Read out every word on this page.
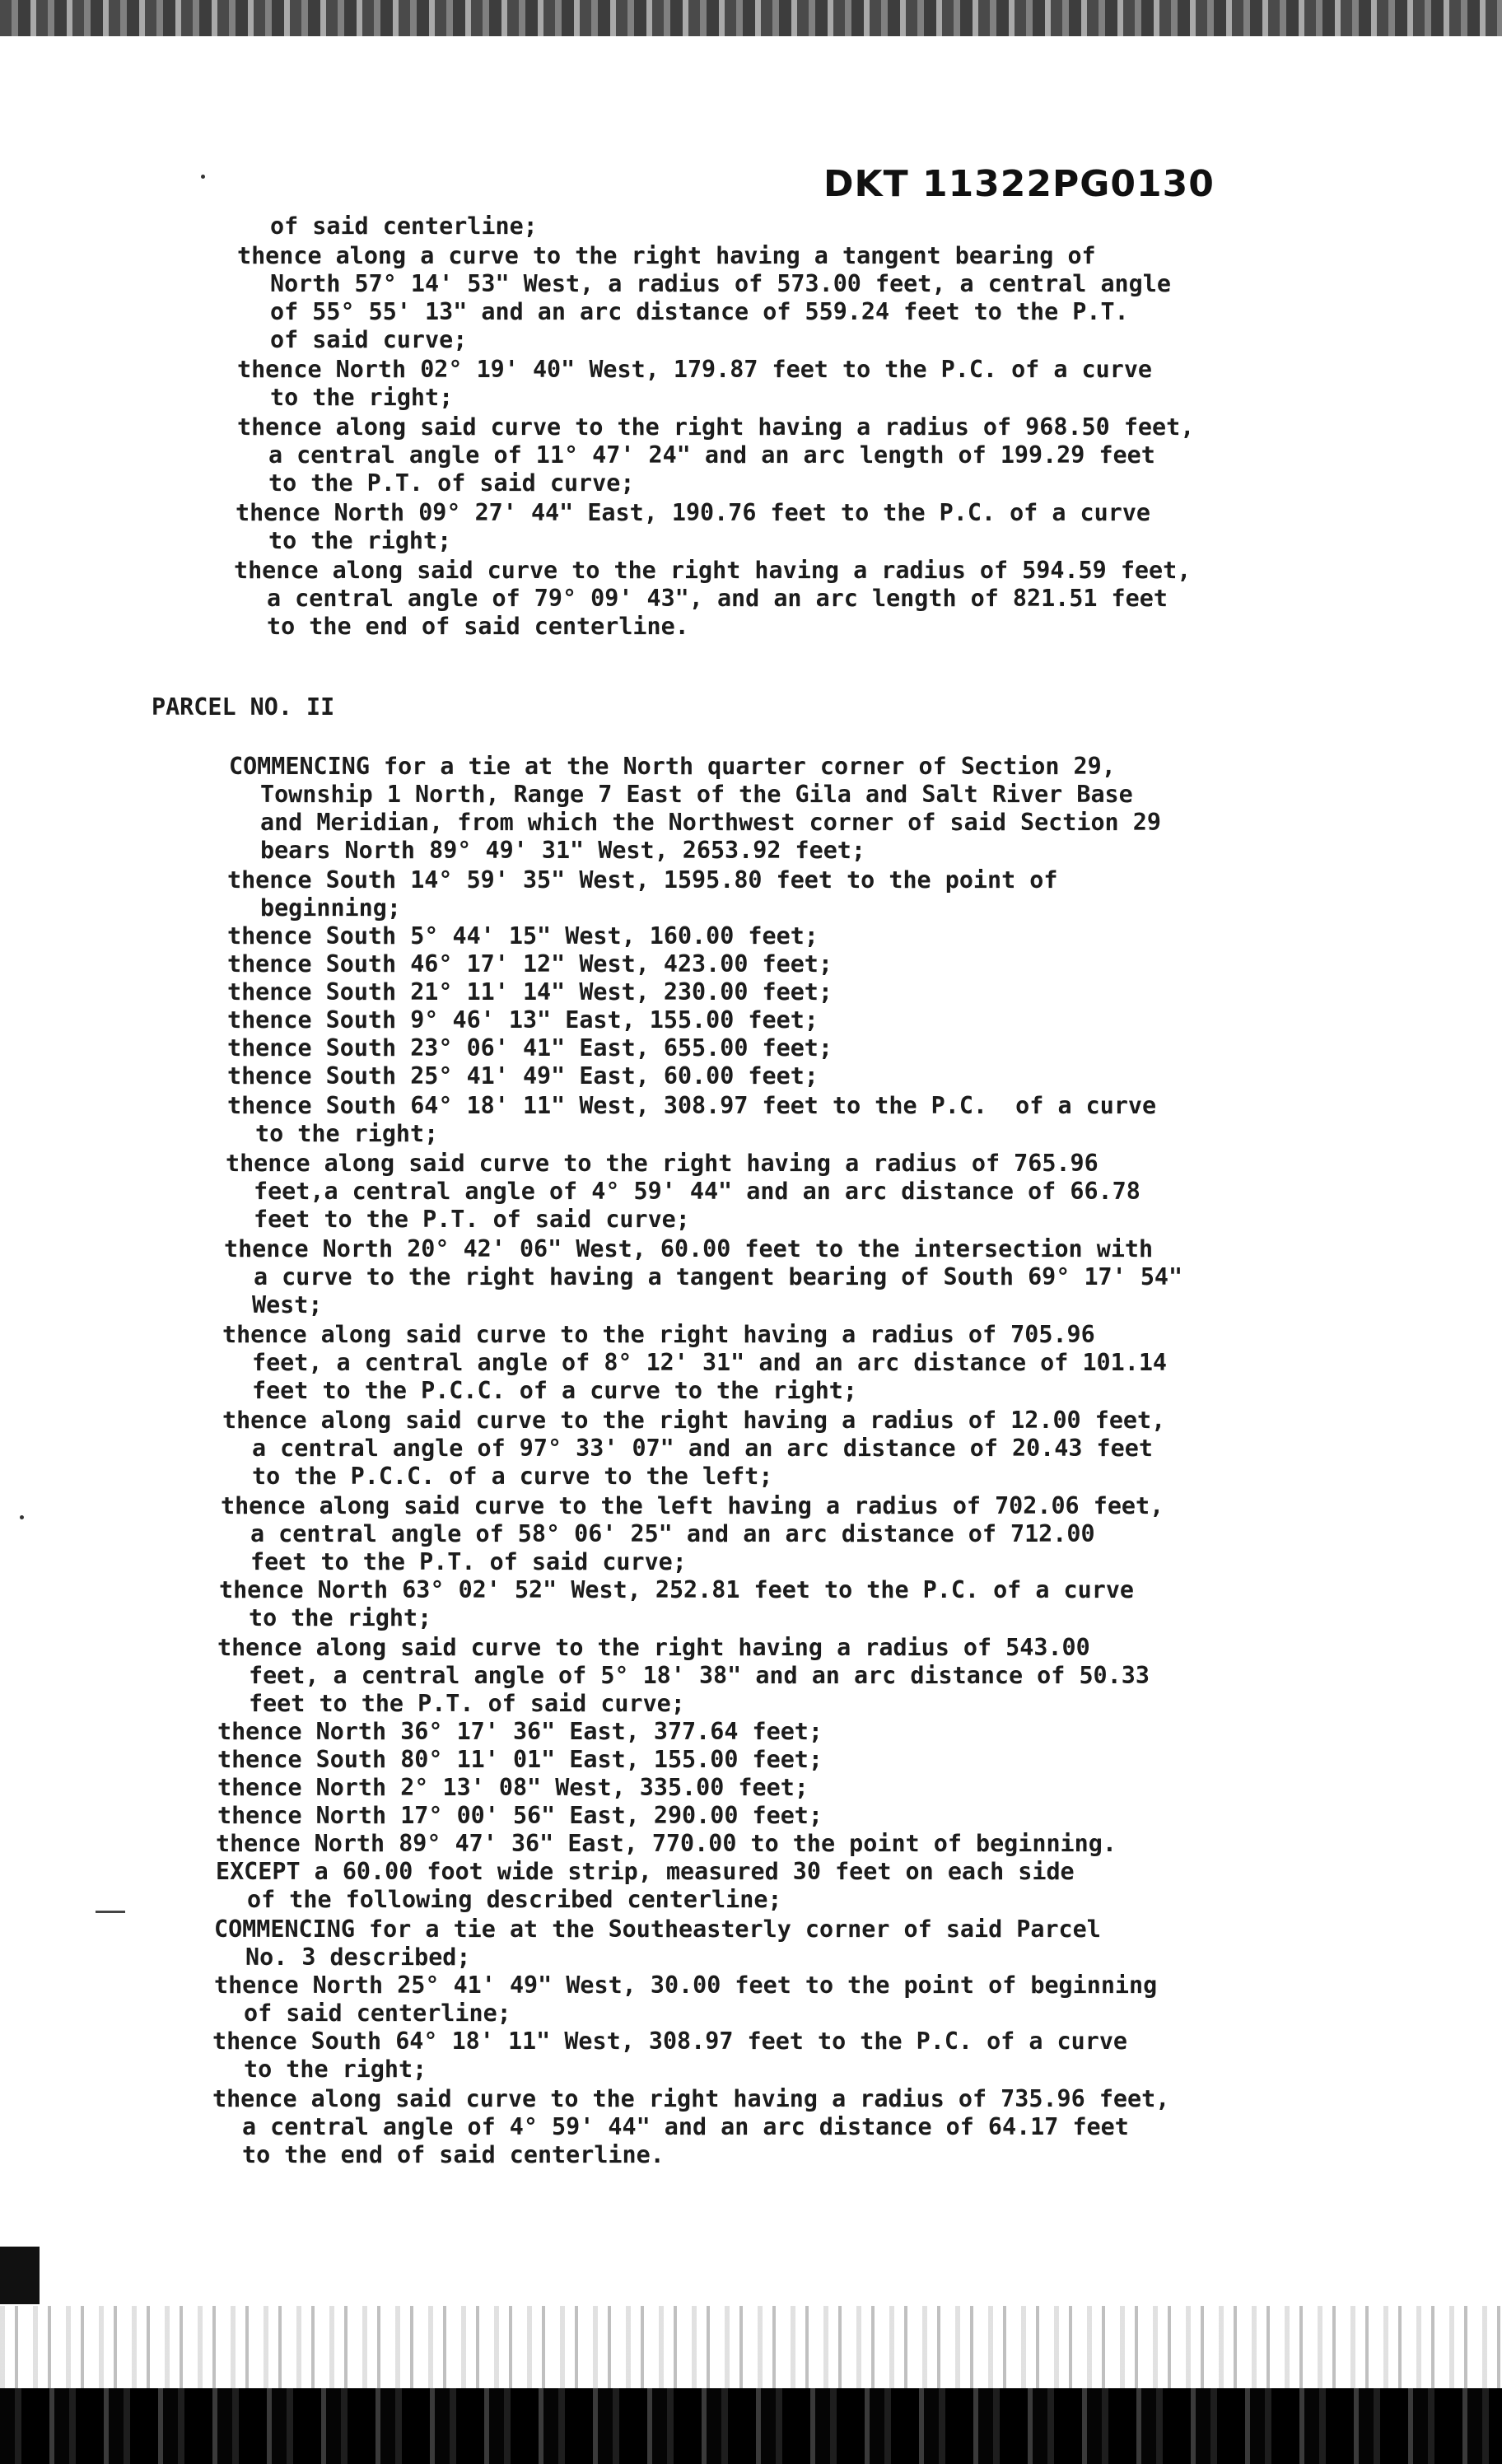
DKT 11322PG0130
of said centerline;
thence along a curve to the right having a tangent bearing of
North 57° 14' 53" West, a radius of 573.00 feet, a central angle
of 55° 55' 13" and an arc distance of 559.24 feet to the P.T.
of said curve;
thence North 02° 19' 40" West, 179.87 feet to the P.C. of a curve
to the right;
thence along said curve to the right having a radius of 968.50 feet,
a central angle of 11° 47' 24" and an arc length of 199.29 feet
to the P.T. of said curve;
thence North 09° 27' 44" East, 190.76 feet to the P.C. of a curve
to the right;
thence along said curve to the right having a radius of 594.59 feet,
a central angle of 79° 09' 43", and an arc length of 821.51 feet
to the end of said centerline.
PARCEL NO. II
COMMENCING for a tie at the North quarter corner of Section 29,
Township 1 North, Range 7 East of the Gila and Salt River Base
and Meridian, from which the Northwest corner of said Section 29
bears North 89° 49' 31" West, 2653.92 feet;
thence South 14° 59' 35" West, 1595.80 feet to the point of
beginning;
thence South 5° 44' 15" West, 160.00 feet;
thence South 46° 17' 12" West, 423.00 feet;
thence South 21° 11' 14" West, 230.00 feet;
thence South 9° 46' 13" East, 155.00 feet;
thence South 23° 06' 41" East, 655.00 feet;
thence South 25° 41' 49" East, 60.00 feet;
thence South 64° 18' 11" West, 308.97 feet to the P.C.  of a curve
to the right;
thence along said curve to the right having a radius of 765.96
feet,a central angle of 4° 59' 44" and an arc distance of 66.78
feet to the P.T. of said curve;
thence North 20° 42' 06" West, 60.00 feet to the intersection with
a curve to the right having a tangent bearing of South 69° 17' 54"
West;
thence along said curve to the right having a radius of 705.96
feet, a central angle of 8° 12' 31" and an arc distance of 101.14
feet to the P.C.C. of a curve to the right;
thence along said curve to the right having a radius of 12.00 feet,
a central angle of 97° 33' 07" and an arc distance of 20.43 feet
to the P.C.C. of a curve to the left;
thence along said curve to the left having a radius of 702.06 feet,
a central angle of 58° 06' 25" and an arc distance of 712.00
feet to the P.T. of said curve;
thence North 63° 02' 52" West, 252.81 feet to the P.C. of a curve
to the right;
thence along said curve to the right having a radius of 543.00
feet, a central angle of 5° 18' 38" and an arc distance of 50.33
feet to the P.T. of said curve;
thence North 36° 17' 36" East, 377.64 feet;
thence South 80° 11' 01" East, 155.00 feet;
thence North 2° 13' 08" West, 335.00 feet;
thence North 17° 00' 56" East, 290.00 feet;
thence North 89° 47' 36" East, 770.00 to the point of beginning.
EXCEPT a 60.00 foot wide strip, measured 30 feet on each side
of the following described centerline;
COMMENCING for a tie at the Southeasterly corner of said Parcel
No. 3 described;
thence North 25° 41' 49" West, 30.00 feet to the point of beginning
of said centerline;
thence South 64° 18' 11" West, 308.97 feet to the P.C. of a curve
to the right;
thence along said curve to the right having a radius of 735.96 feet,
a central angle of 4° 59' 44" and an arc distance of 64.17 feet
to the end of said centerline.
